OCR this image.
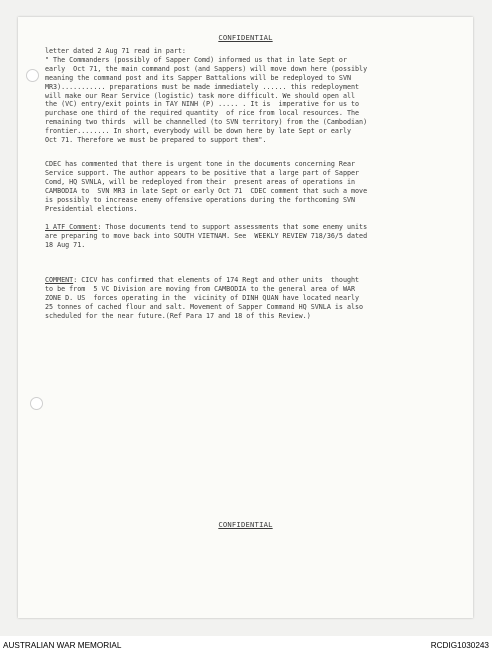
CONFIDENTIAL
letter dated 2 Aug 71 read in part:
" The Commanders (possibly of Sapper Comd) informed us that in late Sept or
early  Oct 71, the main command post (and Sappers) will move down here (possibly
meaning the command post and its Sapper Battalions will be redeployed to SVN
MR3)........... preparations must be made immediately ...... this redeployment
will make our Rear Service (logistic) task more difficult. We should open all
the (VC) entry/exit points in TAY NINH (P) ..... . It is  imperative for us to
purchase one third of the required quantity  of rice from local resources. The
remaining two thirds  will be channelled (to SVN territory) from the (Cambodian)
frontier........ In short, everybody will be down here by late Sept or early
Oct 71. Therefore we must be prepared to support them".
CDEC has commented that there is urgent tone in the documents concerning Rear
Service support. The author appears to be positive that a large part of Sapper
Comd, HQ SVNLA, will be redeployed from their  present areas of operations in
CAMBODIA to  SVN MR3 in late Sept or early Oct 71  CDEC comment that such a move
is possibly to increase enemy offensive operations during the forthcoming SVN
Presidential elections.
1 ATF Comment: Those documents tend to support assessments that some enemy units
are preparing to move back into SOUTH VIETNAM. See  WEEKLY REVIEW 718/36/5 dated
18 Aug 71.
COMMENT: CICV has confirmed that elements of 174 Regt and other units  thought
to be from  5 VC Division are moving from CAMBODIA to the general area of WAR
ZONE D. US  forces operating in the  vicinity of DINH QUAN have located nearly
25 tonnes of cached flour and salt. Movement of Sapper Command HQ SVNLA is also
scheduled for the near future.(Ref Para 17 and 18 of this Review.)
CONFIDENTIAL
AUSTRALIAN WAR MEMORIAL	RCDIG1030243
